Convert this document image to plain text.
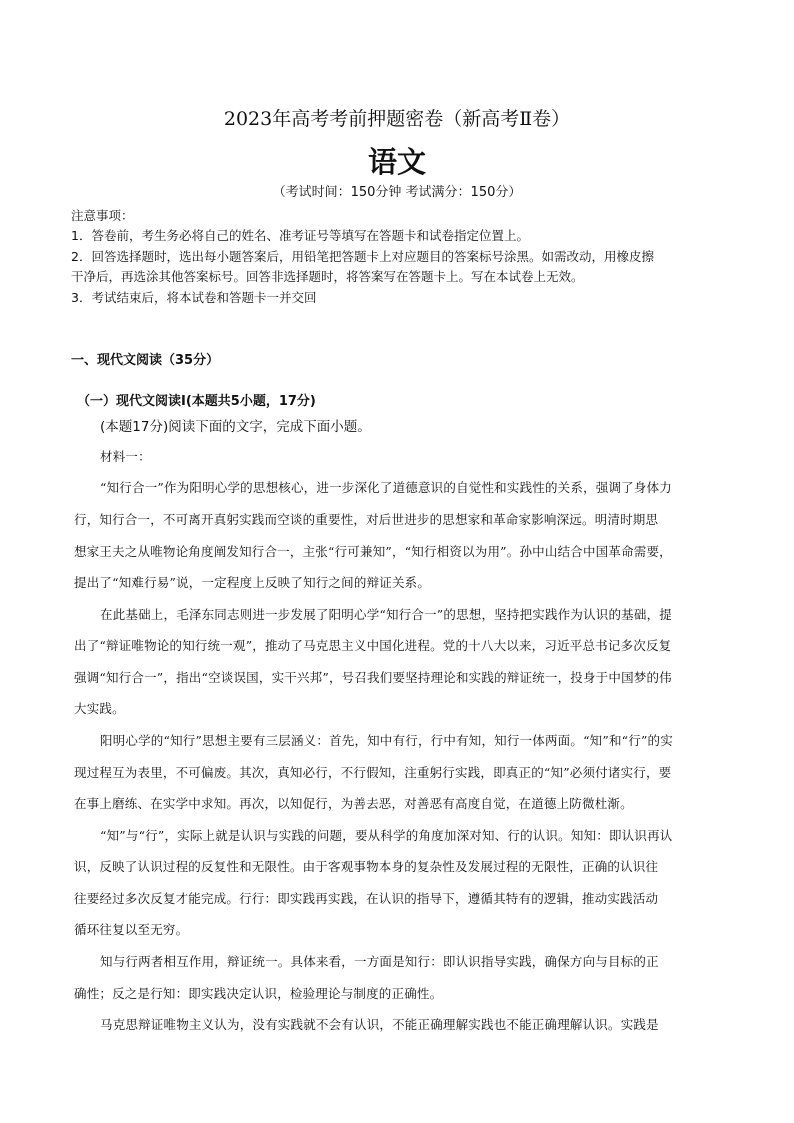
2023年高考考前押题密卷（新高考Ⅱ卷）
语文
（考试时间：150分钟 考试满分：150分）
注意事项：
1．答卷前，考生务必将自己的姓名、准考证号等填写在答题卡和试卷指定位置上。
2．回答选择题时，选出每小题答案后，用铅笔把答题卡上对应题目的答案标号涂黑。如需改动，用橡皮擦
干净后，再选涂其他答案标号。回答非选择题时，将答案写在答题卡上。写在本试卷上无效。
3．考试结束后，将本试卷和答题卡一并交回
一、现代文阅读（35分）
（一）现代文阅读Ⅰ(本题共5小题，17分)
(本题17分)阅读下面的文字，完成下面小题。
材料一：
“知行合一”作为阳明心学的思想核心，进一步深化了道德意识的自觉性和实践性的关系，强调了身体力
行，知行合一，不可离开真躬实践而空谈的重要性，对后世进步的思想家和革命家影响深远。明清时期思
想家王夫之从唯物论角度阐发知行合一，主张“行可兼知”，“知行相资以为用”。孙中山结合中国革命需要，
提出了“知难行易”说，一定程度上反映了知行之间的辩证关系。
在此基础上，毛泽东同志则进一步发展了阳明心学“知行合一”的思想，坚持把实践作为认识的基础，提
出了“辩证唯物论的知行统一观”，推动了马克思主义中国化进程。党的十八大以来，习近平总书记多次反复
强调“知行合一”，指出“空谈误国，实干兴邦”，号召我们要坚持理论和实践的辩证统一，投身于中国梦的伟
大实践。
阳明心学的“知行”思想主要有三层涵义：首先，知中有行，行中有知，知行一体两面。“知”和“行”的实
现过程互为表里，不可偏废。其次，真知必行，不行假知，注重躬行实践，即真正的“知”必须付诸实行，要
在事上磨练、在实学中求知。再次，以知促行，为善去恶，对善恶有高度自觉，在道德上防微杜渐。
“知”与“行”，实际上就是认识与实践的问题，要从科学的角度加深对知、行的认识。知知：即认识再认
识，反映了认识过程的反复性和无限性。由于客观事物本身的复杂性及发展过程的无限性，正确的认识往
往要经过多次反复才能完成。行行：即实践再实践，在认识的指导下，遵循其特有的逻辑，推动实践活动
循环往复以至无穷。
知与行两者相互作用，辩证统一。具体来看，一方面是知行：即认识指导实践，确保方向与目标的正
确性；反之是行知：即实践决定认识，检验理论与制度的正确性。
马克思辩证唯物主义认为，没有实践就不会有认识，不能正确理解实践也不能正确理解认识。实践是
